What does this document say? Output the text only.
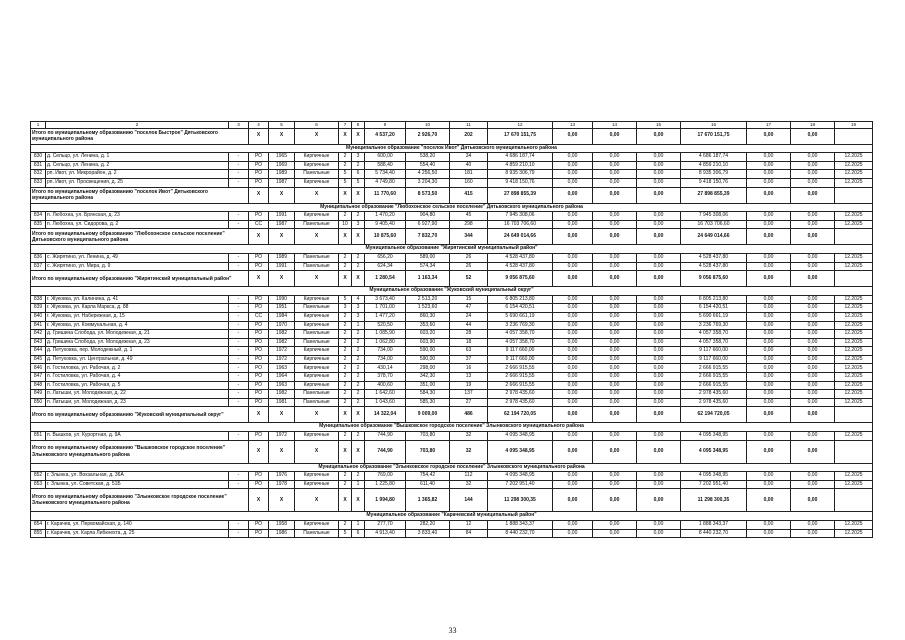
1	2	3	4	5	6	7	8	9	10	11	12	13	14	15	16	17	18	19
Итого по муниципальному образованию "поселок Быстрое" Дятьковского муниципального района			Х	Х	Х	Х	Х	4 537,20	2 926,70	202	17 670 151,75	0,00	0,00	0,00	17 670 151,75	0,00	0,00	
Муниципальное образование "поселок Ивот" Дятьковского муниципального района																		
830	д. Сельцо, ул. Ленина, д. 1	-	РО	1965	Кирпичные	2	3	600,00	538,20	34	4 686 187,74	0,00	0,00	0,00	4 686 187,74	0,00	0,00	12.2025
831	д. Сельцо, ул. Ленина, д. 2	-	РО	1969	Кирпичные	2	2	588,40	554,40	40	4 859 210,10	0,00	0,00	0,00	4 859 210,10	0,00	0,00	12.2025
832	рп. Ивот, ул. Микрорайон, д. 2	-	РО	1989	Панельные	5	6	5 734,40	4 256,50	181	8 935 306,79	0,00	0,00	0,00	8 935 306,79	0,00	0,00	12.2025
833	рп. Ивот, ул. Просвещения, д. 25	-	РО	1987	Кирпичные	5	5	4 749,80	3 204,30	160	9 418 150,76	0,00	0,00	0,00	9 418 150,76	0,00	0,00	12.2025
Итого по муниципальному образованию "поселок Ивот" Дятьковского муниципального района			Х	Х	Х	Х	Х	11 770,60	8 573,50	415	27 898 855,39	0,00	0,00	0,00	27 898 855,39	0,00	0,00	
Муниципальное образование "Любохонское сельское поселение" Дятьковского муниципального района																		
834	п. Любохна, ул. Брянская, д. 23	-	РО	1991	Кирпичные	2	2	1 470,20	904,80	45	7 945 308,06	0,00	0,00	0,00	7 945 308,06	0,00	0,00	12.2025
835	п. Любохна, ул. Сидорова, д. 2	-	СС	1987	Панельные	10	3	9 405,40	6 927,90	298	16 703 706,60	0,00	0,00	0,00	16 703 706,60	0,00	0,00	12.2025
Итого по муниципальному образованию "Любохонское сельское поселение" Дятьковского муниципального района			Х	Х	Х	Х	Х	10 875,60	7 832,70	344	24 649 014,66	0,00	0,00	0,00	24 649 014,66	0,00	0,00	
Муниципальное образование "Жирятинский муниципальный район"																		
836	с. Жирятино, ул. Ленина, д. 49	-	РО	1989	Панельные	2	2	656,20	589,00	26	4 528 437,80	0,00	0,00	0,00	4 528 437,80	0,00	0,00	12.2025
837	с. Жирятино, ул. Мира, д. 9	-	РО	1991	Панельные	2	2	624,34	574,34	26	4 528 437,80	0,00	0,00	0,00	4 528 437,80	0,00	0,00	12.2025
Итого по муниципальному образованию "Жирятинский муниципальный район"			Х	Х	Х	Х	Х	1 280,54	1 163,34	52	9 056 875,60	0,00	0,00	0,00	9 056 875,60	0,00	0,00	
Муниципальное образование "Жуковский муниципальный округ"																		
838	г. Жуковка, ул. Калинина, д. 41	-	РО	1990	Кирпичные	5	4	3 673,40	2 513,20	15	6 805 213,80	0,00	0,00	0,00	6 805 213,80	0,00	0,00	12.2025
839	г. Жуковка, ул. Карла Маркса, д. 88	-	РО	1951	Панельные	3	3	1 701,00	1 523,60	47	6 154 420,51	0,00	0,00	0,00	6 154 420,51	0,00	0,00	12.2025
840	г. Жуковка, ул. Набережная, д. 15	-	СС	1984	Кирпичные	2	3	1 477,20	860,30	24	5 690 661,19	0,00	0,00	0,00	5 690 661,19	0,00	0,00	12.2025
841	г. Жуковка, ул. Коммунальная, д. 4	-	РО	1970	Кирпичные	2	1	520,50	353,60	44	3 236 769,30	0,00	0,00	0,00	3 236 769,30	0,00	0,00	12.2025
842	д. Гришина Слобода, ул. Молодежная, д. 21	-	РО	1982	Панельные	2	2	1 085,90	603,20	28	4 057 358,70	0,00	0,00	0,00	4 057 358,70	0,00	0,00	12.2025
843	д. Гришина Слобода, ул. Молодежная, д. 23	-	РО	1982	Панельные	2	2	1 062,80	603,90	18	4 057 358,70	0,00	0,00	0,00	4 057 358,70	0,00	0,00	12.2025
844	д. Петуховка, пер. Молодежный, д. 1	-	РО	1972	Кирпичные	2	2	734,00	590,00	63	9 117 660,00	0,00	0,00	0,00	9 117 660,00	0,00	0,00	12.2025
845	д. Петуховка, ул. Центральная, д. 49	-	РО	1972	Кирпичные	2	2	734,00	590,00	37	9 117 660,00	0,00	0,00	0,00	9 117 660,00	0,00	0,00	12.2025
846	п. Гостиловка, ул. Рабочая, д. 2	-	РО	1963	Кирпичные	2	2	430,14	298,00	16	2 666 915,55	0,00	0,00	0,00	2 666 915,55	0,00	0,00	12.2025
847	п. Гостиловка, ул. Рабочая, д. 4	-	РО	1964	Кирпичные	2	2	378,70	342,30	13	2 666 915,55	0,00	0,00	0,00	2 666 915,55	0,00	0,00	12.2025
848	п. Гостиловка, ул. Рабочая, д. 5	-	РО	1963	Кирпичные	2	2	400,60	351,00	19	2 666 915,55	0,00	0,00	0,00	2 666 915,55	0,00	0,00	12.2025
849	п. Латыши, ул. Молодежная, д. 22	-	РО	1982	Панельные	2	2	1 642,60	584,30	137	2 978 435,60	0,00	0,00	0,00	2 978 435,60	0,00	0,00	12.2025
850	п. Латыши, ул. Молодежная, д. 23	-	РО	1981	Панельные	2	2	1 043,60	585,30	27	2 978 435,60	0,00	0,00	0,00	2 978 435,60	0,00	0,00	12.2025
Итого по муниципальному образованию "Жуковский муниципальный округ"			Х	Х	Х	Х	Х	14 322,04	9 009,00	486	62 194 720,05	0,00	0,00	0,00	62 194 720,05	0,00	0,00	
Муниципальное образование "Вышковское городское поселение" Злынковского муниципального района																		
851	п. Вышков, ул. Курортная, д. 9А	-	РО	1972	Кирпичные	2	2	744,90	703,80	32	4 095 348,95	0,00	0,00	0,00	4 095 348,95	0,00	0,00	12.2025
Итого по муниципальному образованию "Вышковское городское поселение" Злынковского муниципального района			Х	Х	Х	Х	Х	744,90	703,80	32	4 095 348,95	0,00	0,00	0,00	4 095 348,95	0,00	0,00	
Муниципальное образование "Злынковское городское поселение" Злынковского муниципального района																		
852	г. Злынка, ул. Вокзальная, д. 36А	-	РО	1976	Кирпичные	2	2	769,00	754,42	112	4 095 348,95	0,00	0,00	0,00	4 095 348,95	0,00	0,00	12.2025
853	г. Злынка, ул. Советская, д. 51Б	-	РО	1978	Кирпичные	2	1	1 225,80	611,40	32	7 202 951,40	0,00	0,00	0,00	7 202 951,40	0,00	0,00	12.2025
Итого по муниципальному образованию "Злынковское городское поселение" Злынковского муниципального района			Х	Х	Х	Х	Х	1 994,80	1 365,82	144	11 298 300,35	0,00	0,00	0,00	11 298 300,35	0,00	0,00	
Муниципальное образование "Карачевский муниципальный район"																		
854	г. Карачев, ул. Первомайская, д. 140	-	РО	1958	Кирпичные	2	1	277,70	282,20	12	1 888 343,37	0,00	0,00	0,00	1 888 343,37	0,00	0,00	12.2025
855	г. Карачев, ул. Карла Либкнехта, д. 25	-	РО	1986	Панельные	5	6	4 913,40	3 833,40	84	8 440 232,70	0,00	0,00	0,00	8 440 232,70	0,00	0,00	12.2025
33
